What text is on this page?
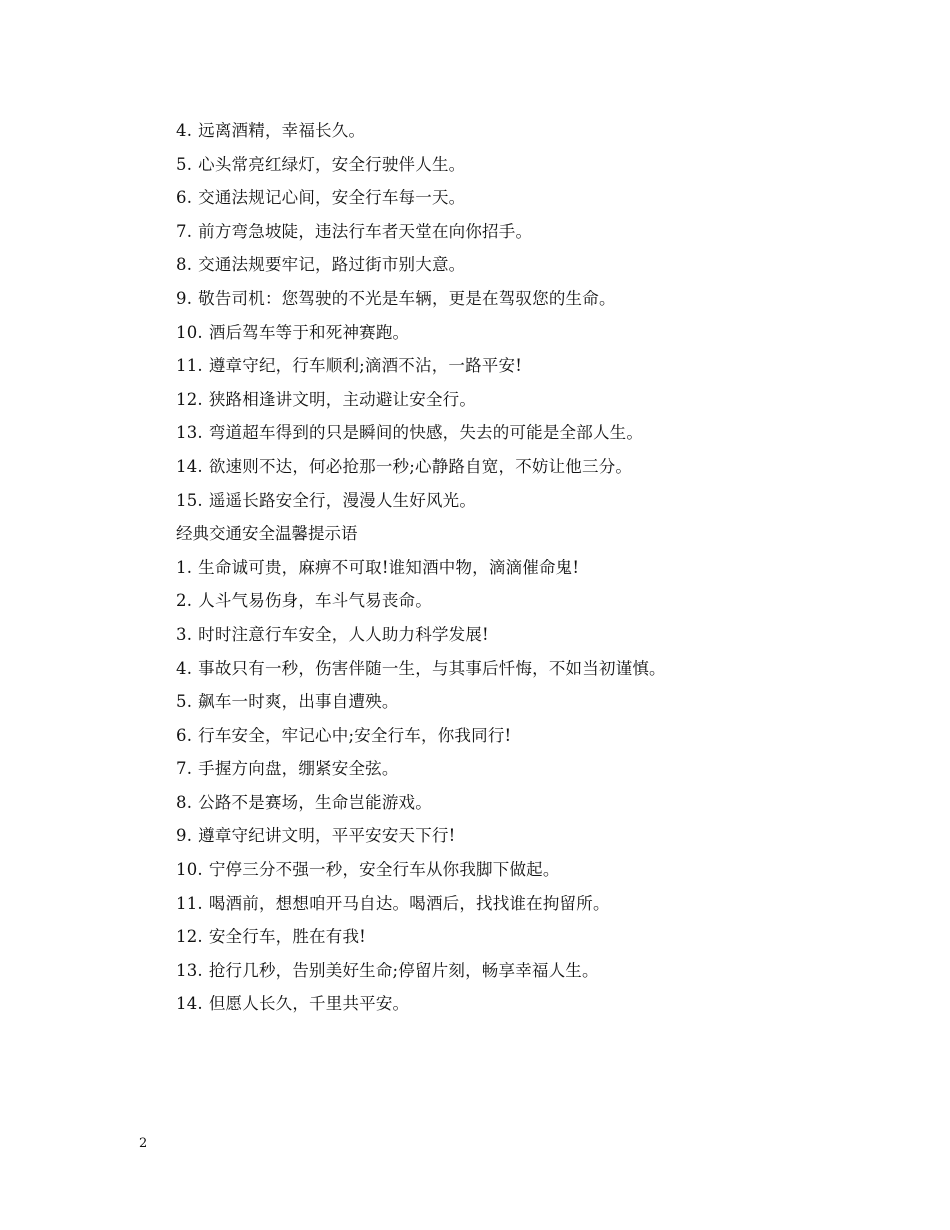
4. 远离酒精，幸福长久。
5. 心头常亮红绿灯，安全行驶伴人生。
6. 交通法规记心间，安全行车每一天。
7. 前方弯急坡陡，违法行车者天堂在向你招手。
8. 交通法规要牢记，路过街市别大意。
9. 敬告司机：您驾驶的不光是车辆，更是在驾驭您的生命。
10. 酒后驾车等于和死神赛跑。
11. 遵章守纪，行车顺利;滴酒不沾，一路平安!
12. 狭路相逢讲文明，主动避让安全行。
13. 弯道超车得到的只是瞬间的快感，失去的可能是全部人生。
14. 欲速则不达，何必抢那一秒;心静路自宽，不妨让他三分。
15. 遥遥长路安全行，漫漫人生好风光。
经典交通安全温馨提示语
1. 生命诚可贵，麻痹不可取!谁知酒中物，滴滴催命鬼!
2. 人斗气易伤身，车斗气易丧命。
3. 时时注意行车安全，人人助力科学发展!
4. 事故只有一秒，伤害伴随一生，与其事后忏悔，不如当初谨慎。
5. 飙车一时爽，出事自遭殃。
6. 行车安全，牢记心中;安全行车，你我同行!
7. 手握方向盘，绷紧安全弦。
8. 公路不是赛场，生命岂能游戏。
9. 遵章守纪讲文明，平平安安天下行!
10. 宁停三分不强一秒，安全行车从你我脚下做起。
11. 喝酒前，想想咱开马自达。喝酒后，找找谁在拘留所。
12. 安全行车，胜在有我!
13. 抢行几秒，告别美好生命;停留片刻，畅享幸福人生。
14. 但愿人长久，千里共平安。
2
